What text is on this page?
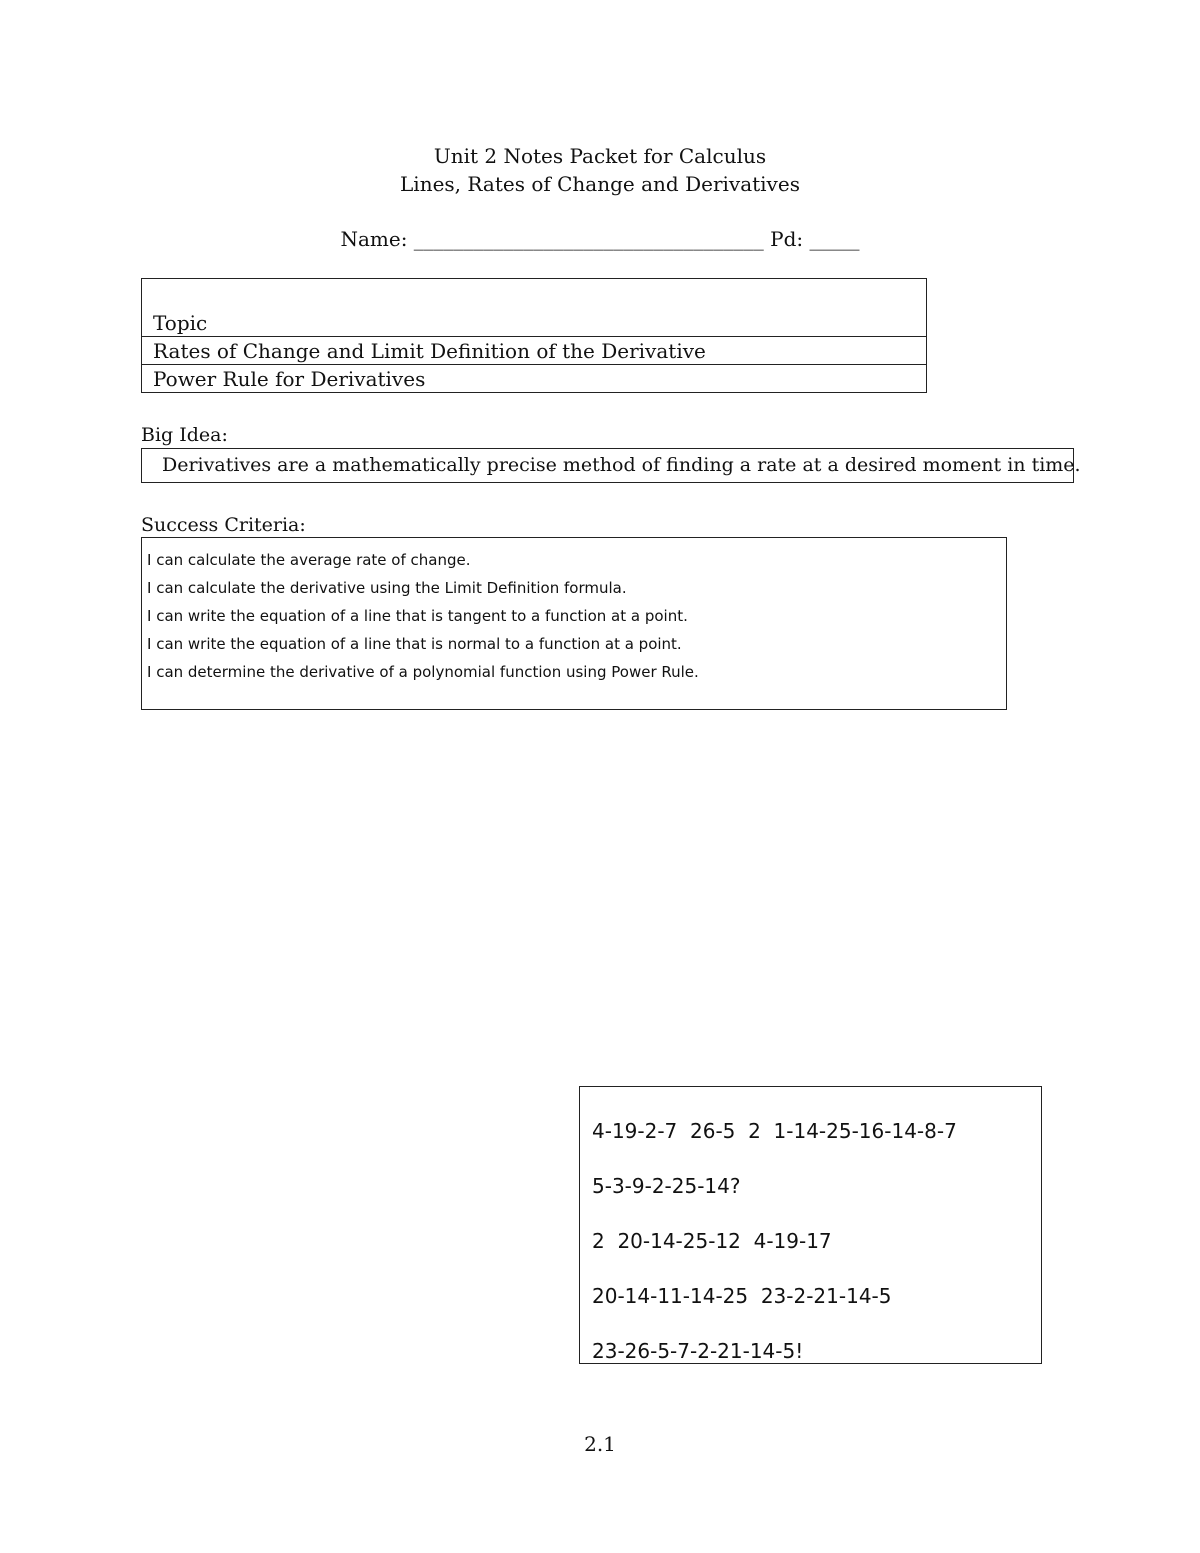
Unit 2 Notes Packet for Calculus
Lines, Rates of Change and Derivatives
Name: ___________________________________ Pd: _____
Topic
Rates of Change and Limit Definition of the Derivative
Power Rule for Derivatives
Big Idea:
Derivatives are a mathematically precise method of finding a rate at a desired moment in time.
Success Criteria:
I can calculate the average rate of change.
I can calculate the derivative using the Limit Definition formula.
I can write the equation of a line that is tangent to a function at a point.
I can write the equation of a line that is normal to a function at a point.
I can determine the derivative of a polynomial function using Power Rule.
4-19-2-7  26-5  2  1-14-25-16-14-8-7
5-3-9-2-25-14?
2  20-14-25-12  4-19-17
20-14-11-14-25  23-2-21-14-5
23-26-5-7-2-21-14-5!
2.1
